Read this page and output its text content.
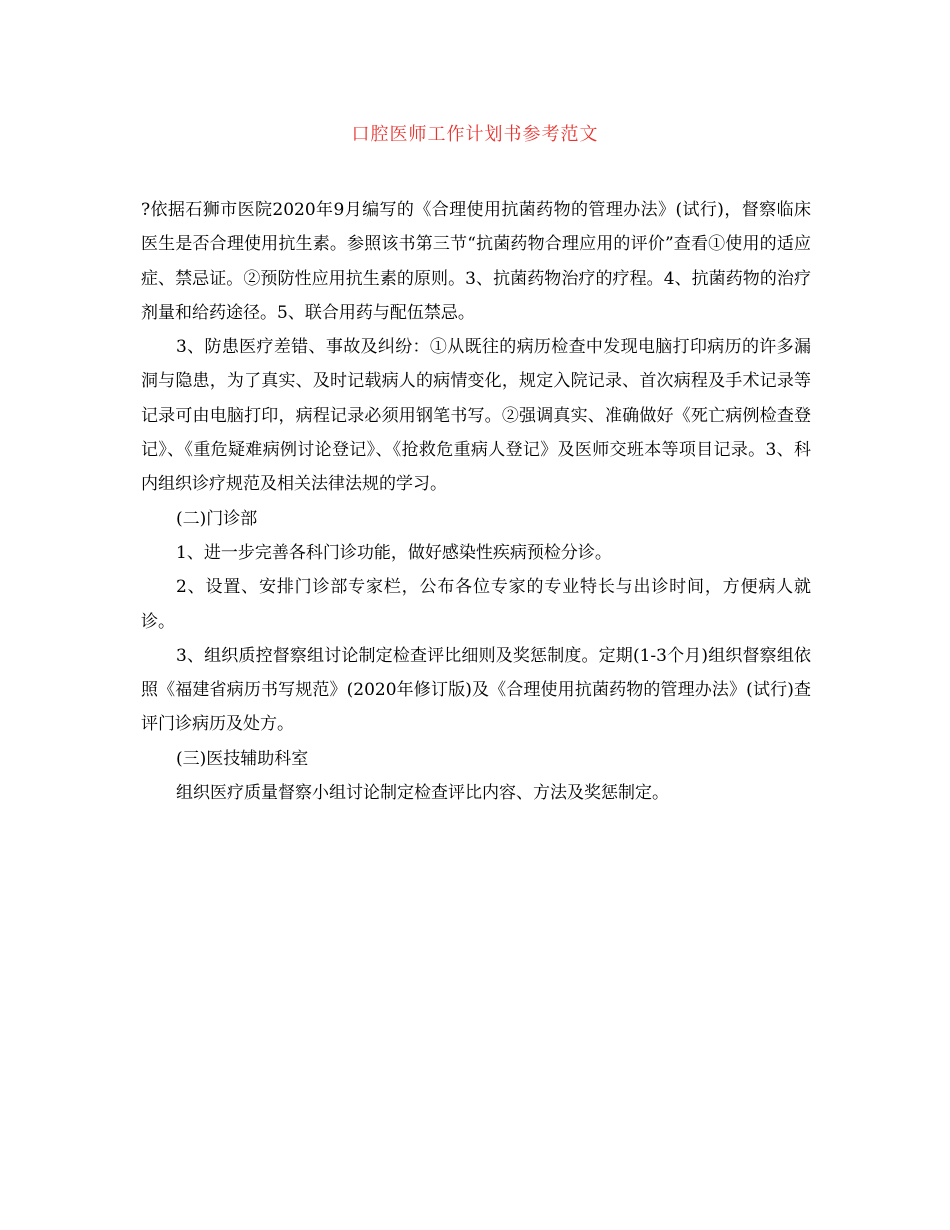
口腔医师工作计划书参考范文

?依据石狮市医院2020年9月编写的《合理使用抗菌药物的管理办法》(试行)，督察临床医生是否合理使用抗生素。参照该书第三节“抗菌药物合理应用的评价”查看①使用的适应症、禁忌证。②预防性应用抗生素的原则。3、抗菌药物治疗的疗程。4、抗菌药物的治疗剂量和给药途径。5、联合用药与配伍禁忌。

3、防患医疗差错、事故及纠纷：①从既往的病历检查中发现电脑打印病历的许多漏洞与隐患，为了真实、及时记载病人的病情变化，规定入院记录、首次病程及手术记录等记录可由电脑打印，病程记录必须用钢笔书写。②强调真实、准确做好《死亡病例检查登记》、《重危疑难病例讨论登记》、《抢救危重病人登记》及医师交班本等项目记录。3、科内组织诊疗规范及相关法律法规的学习。

(二)门诊部

1、进一步完善各科门诊功能，做好感染性疾病预检分诊。

2、设置、安排门诊部专家栏，公布各位专家的专业特长与出诊时间，方便病人就诊。

3、组织质控督察组讨论制定检查评比细则及奖惩制度。定期(1-3个月)组织督察组依照《福建省病历书写规范》(2020年修订版)及《合理使用抗菌药物的管理办法》(试行)查评门诊病历及处方。

(三)医技辅助科室

组织医疗质量督察小组讨论制定检查评比内容、方法及奖惩制定。
